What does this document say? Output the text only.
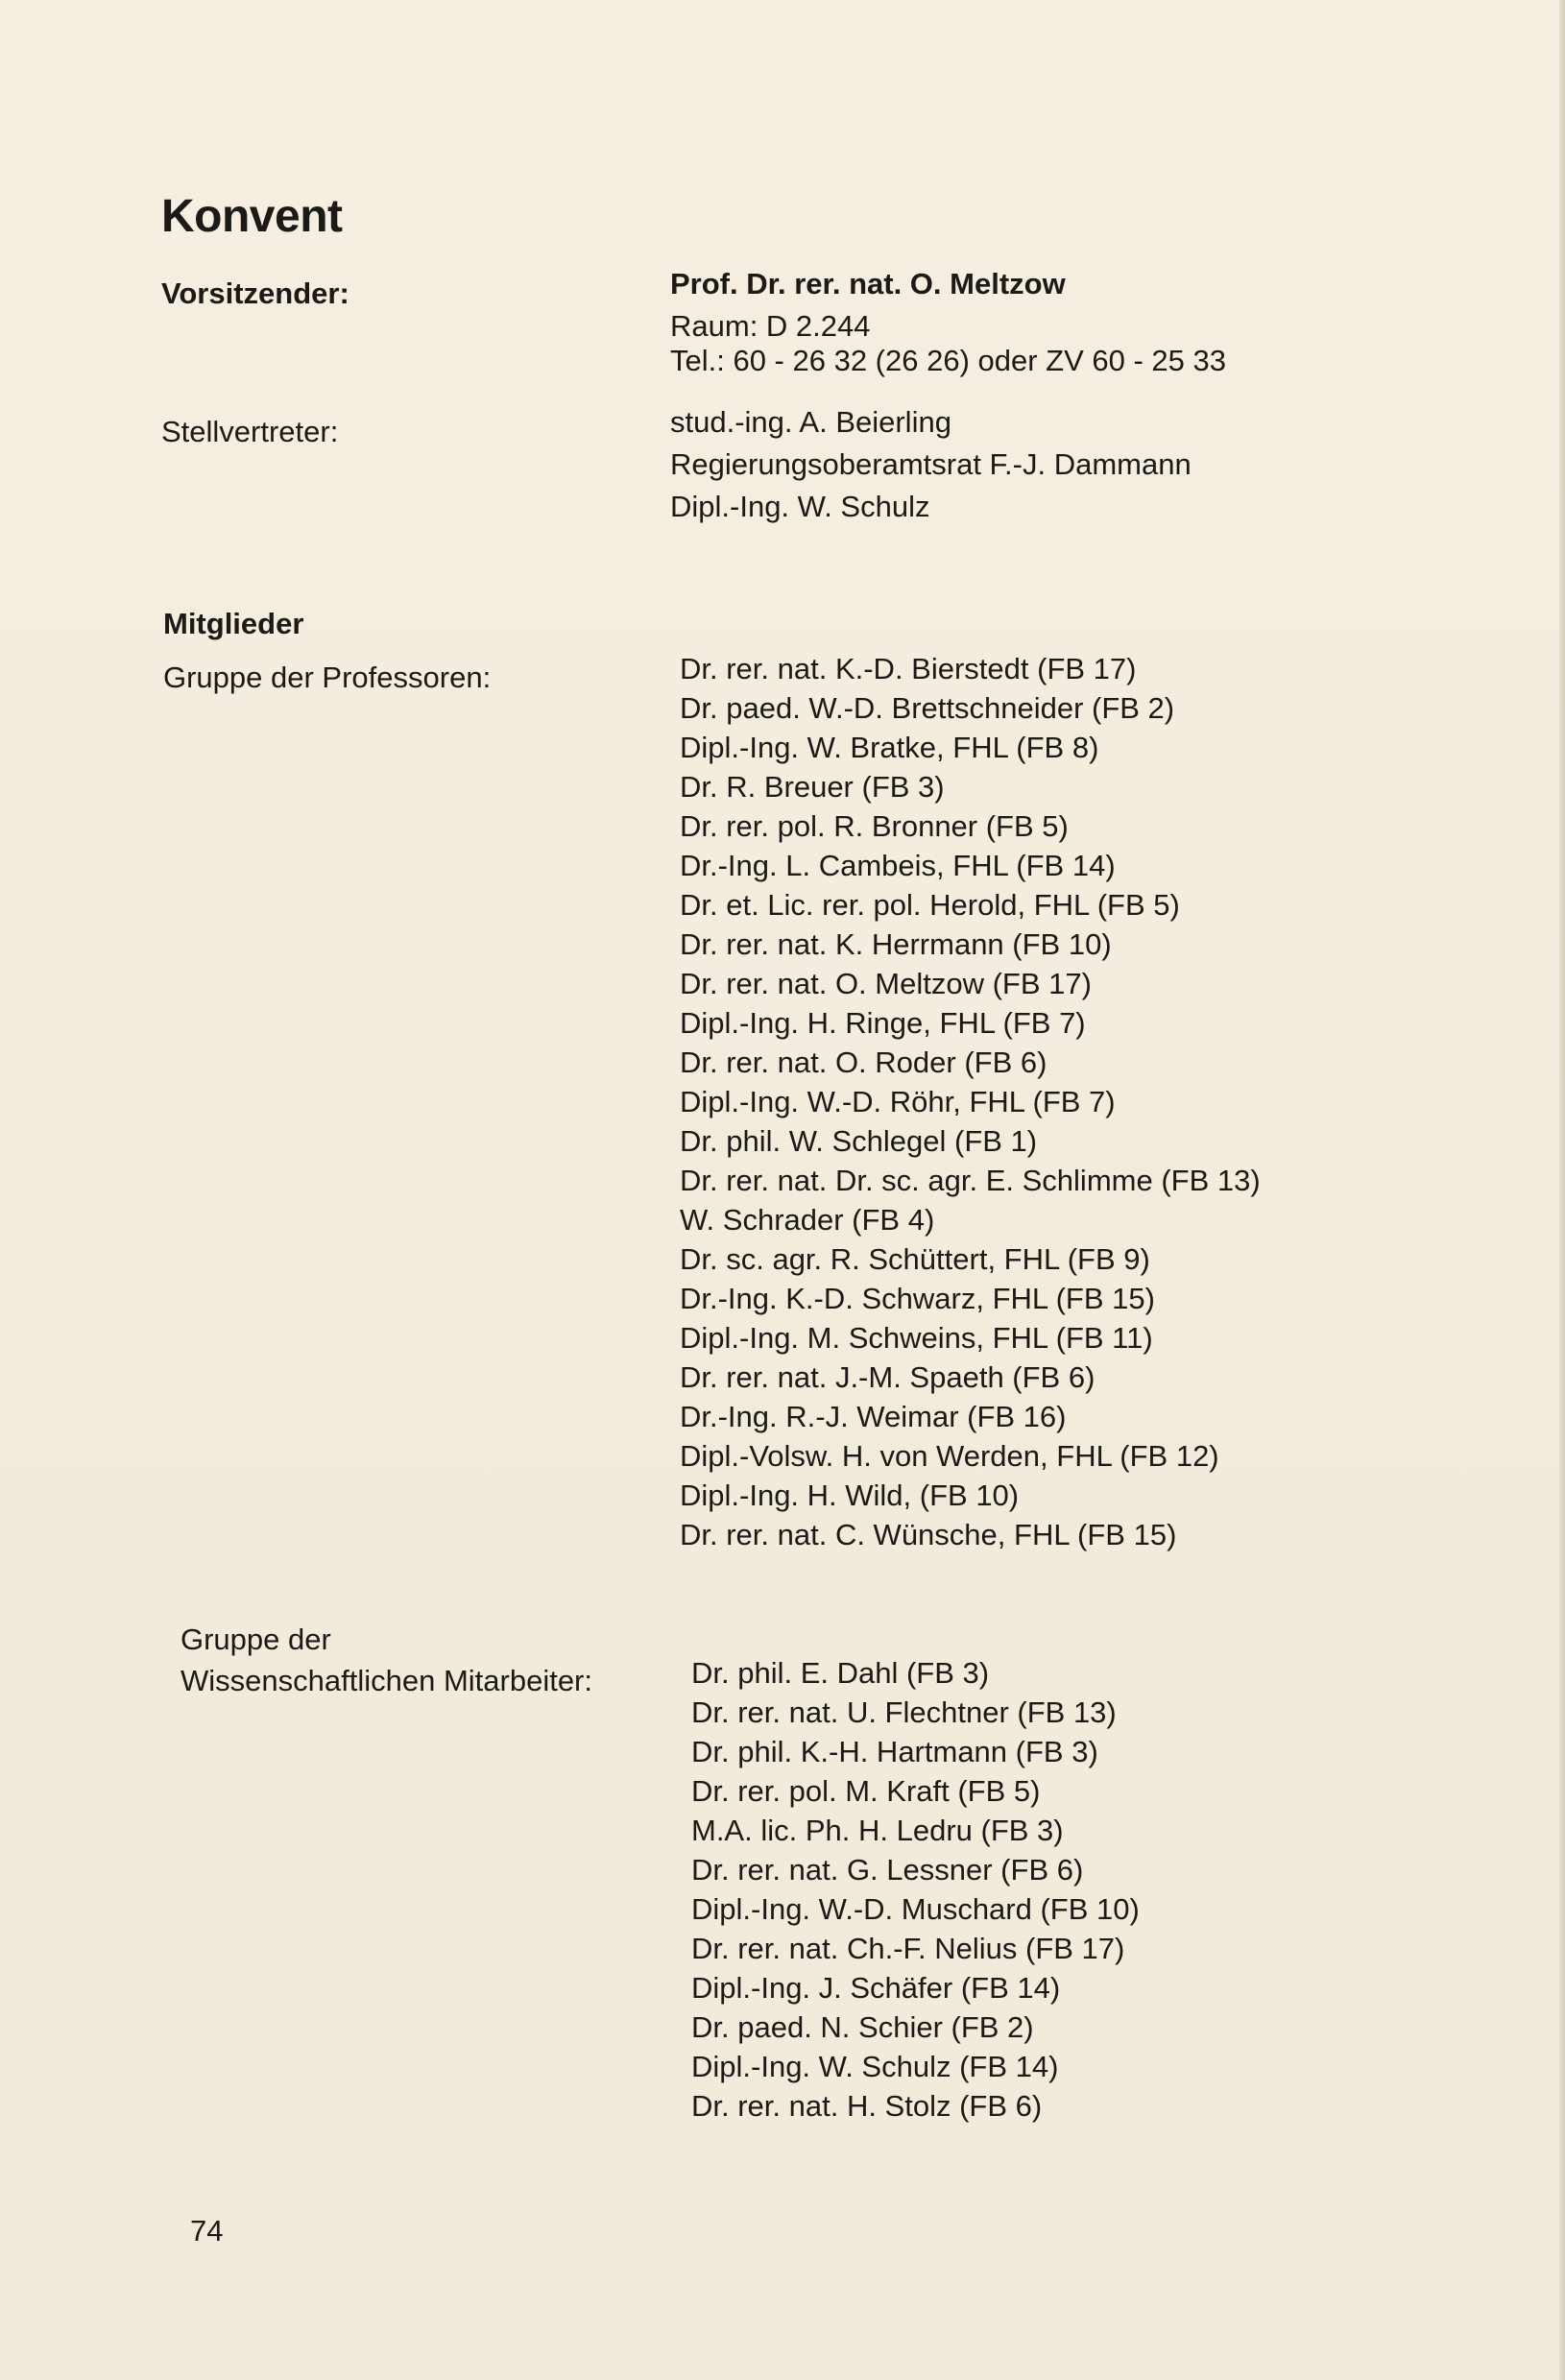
Konvent
Vorsitzender:	Prof. Dr. rer. nat. O. Meltzow
Raum: D 2.244
Tel.: 60 - 26 32 (26 26) oder ZV 60 - 25 33
Stellvertreter:	stud.-ing. A. Beierling
Regierungsoberamtsrat F.-J. Dammann
Dipl.-Ing. W. Schulz
Mitglieder
Gruppe der Professoren:	Dr. rer. nat. K.-D. Bierstedt (FB 17)
Dr. paed. W.-D. Brettschneider (FB 2)
Dipl.-Ing. W. Bratke, FHL (FB 8)
Dr. R. Breuer (FB 3)
Dr. rer. pol. R. Bronner (FB 5)
Dr.-Ing. L. Cambeis, FHL (FB 14)
Dr. et. Lic. rer. pol. Herold, FHL (FB 5)
Dr. rer. nat. K. Herrmann (FB 10)
Dr. rer. nat. O. Meltzow (FB 17)
Dipl.-Ing. H. Ringe, FHL (FB 7)
Dr. rer. nat. O. Roder (FB 6)
Dipl.-Ing. W.-D. Röhr, FHL (FB 7)
Dr. phil. W. Schlegel (FB 1)
Dr. rer. nat. Dr. sc. agr. E. Schlimme (FB 13)
W. Schrader (FB 4)
Dr. sc. agr. R. Schüttert, FHL (FB 9)
Dr.-Ing. K.-D. Schwarz, FHL (FB 15)
Dipl.-Ing. M. Schweins, FHL (FB 11)
Dr. rer. nat. J.-M. Spaeth (FB 6)
Dr.-Ing. R.-J. Weimar (FB 16)
Dipl.-Volsw. H. von Werden, FHL (FB 12)
Dipl.-Ing. H. Wild, (FB 10)
Dr. rer. nat. C. Wünsche, FHL (FB 15)
Gruppe der
Wissenschaftlichen Mitarbeiter:	Dr. phil. E. Dahl (FB 3)
Dr. rer. nat. U. Flechtner (FB 13)
Dr. phil. K.-H. Hartmann (FB 3)
Dr. rer. pol. M. Kraft (FB 5)
M.A. lic. Ph. H. Ledru (FB 3)
Dr. rer. nat. G. Lessner (FB 6)
Dipl.-Ing. W.-D. Muschard (FB 10)
Dr. rer. nat. Ch.-F. Nelius (FB 17)
Dipl.-Ing. J. Schäfer (FB 14)
Dr. paed. N. Schier (FB 2)
Dipl.-Ing. W. Schulz (FB 14)
Dr. rer. nat. H. Stolz (FB 6)
74
